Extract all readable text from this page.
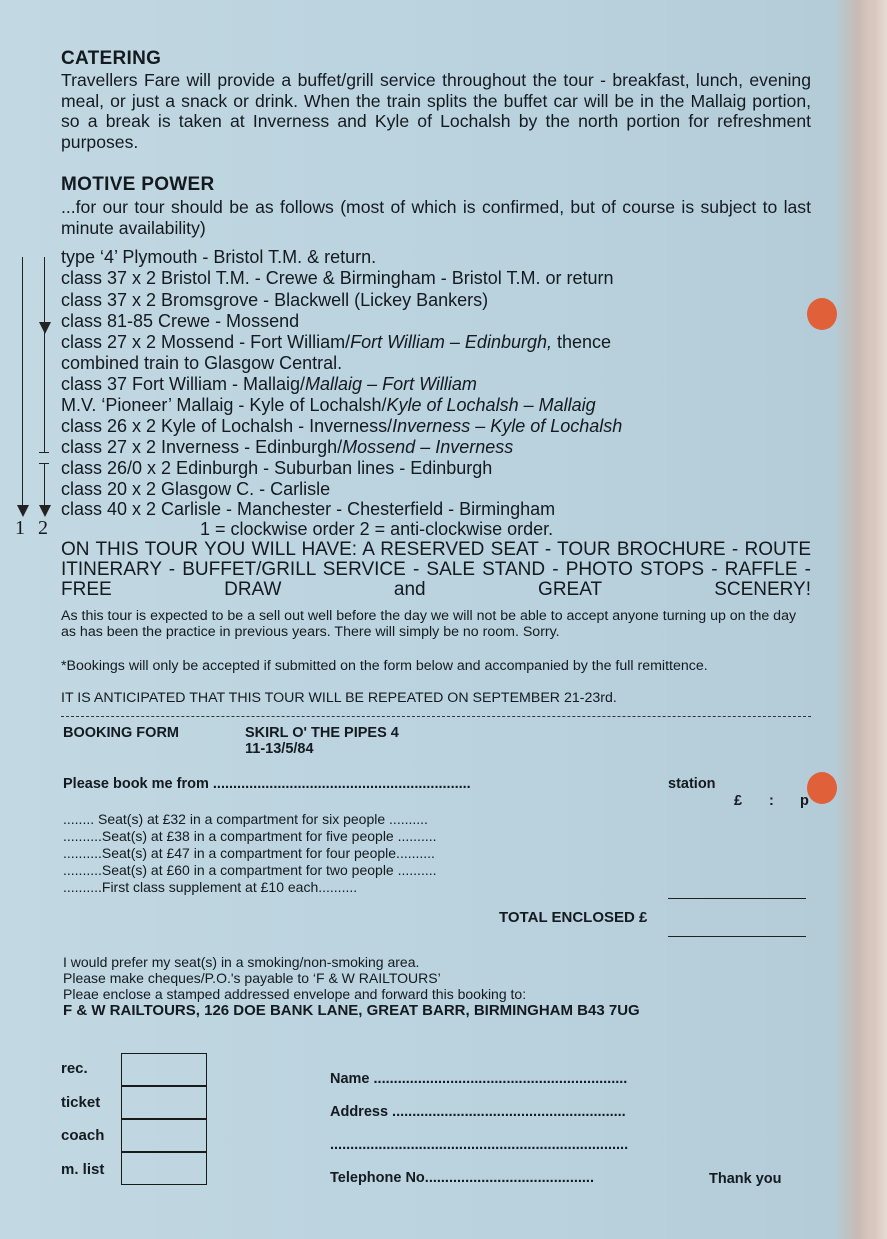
CATERING
Travellers Fare will provide a buffet/grill service throughout the tour - breakfast, lunch, evening meal, or just a snack or drink. When the train splits the buffet car will be in the Mallaig portion, so a break is taken at Inverness and Kyle of Lochalsh by the north portion for refreshment purposes.
MOTIVE POWER
...for our tour should be as follows (most of which is confirmed, but of course is subject to last minute availability)
type ‘4’ Plymouth - Bristol T.M. & return.
class 37 x 2 Bristol T.M. - Crewe & Birmingham - Bristol T.M. or return
class 37 x 2 Bromsgrove - Blackwell (Lickey Bankers)
class 81-85 Crewe - Mossend
class 27 x 2 Mossend - Fort William/Fort William – Edinburgh, thence
combined train to Glasgow Central.
class 37 Fort William - Mallaig/Mallaig – Fort William
M.V. ‘Pioneer’ Mallaig - Kyle of Lochalsh/Kyle of Lochalsh – Mallaig
class 26 x 2 Kyle of Lochalsh - Inverness/Inverness – Kyle of Lochalsh
class 27 x 2 Inverness - Edinburgh/Mossend – Inverness
class 26/0 x 2 Edinburgh - Suburban lines - Edinburgh
class 20 x 2 Glasgow C. - Carlisle
class 40 x 2 Carlisle - Manchester - Chesterfield - Birmingham
1 2	1 = clockwise order 2 = anti-clockwise order.
ON THIS TOUR YOU WILL HAVE: A RESERVED SEAT - TOUR BROCHURE - ROUTE ITINERARY - BUFFET/GRILL SERVICE - SALE STAND - PHOTO STOPS - RAFFLE - FREE DRAW and GREAT SCENERY!
As this tour is expected to be a sell out well before the day we will not be able to accept anyone turning up on the day as has been the practice in previous years. There will simply be no room. Sorry.
*Bookings will only be accepted if submitted on the form below and accompanied by the full remittence.
IT IS ANTICIPATED THAT THIS TOUR WILL BE REPEATED ON SEPTEMBER 21-23rd.
BOOKING FORM	SKIRL O' THE PIPES 4
11-13/5/84
Please book me from ................................................................	station
£ : p
........ Seat(s) at £32 in a compartment for six people ..........
..........Seat(s) at £38 in a compartment for five people ..........
..........Seat(s) at £47 in a compartment for four people..........
..........Seat(s) at £60 in a compartment for two people ..........
..........First class supplement at £10 each..........
TOTAL ENCLOSED £
I would prefer my seat(s) in a smoking/non-smoking area.
Please make cheques/P.O.'s payable to ‘F & W RAILTOURS’
Pleae enclose a stamped addressed envelope and forward this booking to:
F & W RAILTOURS, 126 DOE BANK LANE, GREAT BARR, BIRMINGHAM B43 7UG
rec.
ticket
coach
m. list
Name ...............................................................
Address ..........................................................
..........................................................................
Telephone No..........................................	Thank you
